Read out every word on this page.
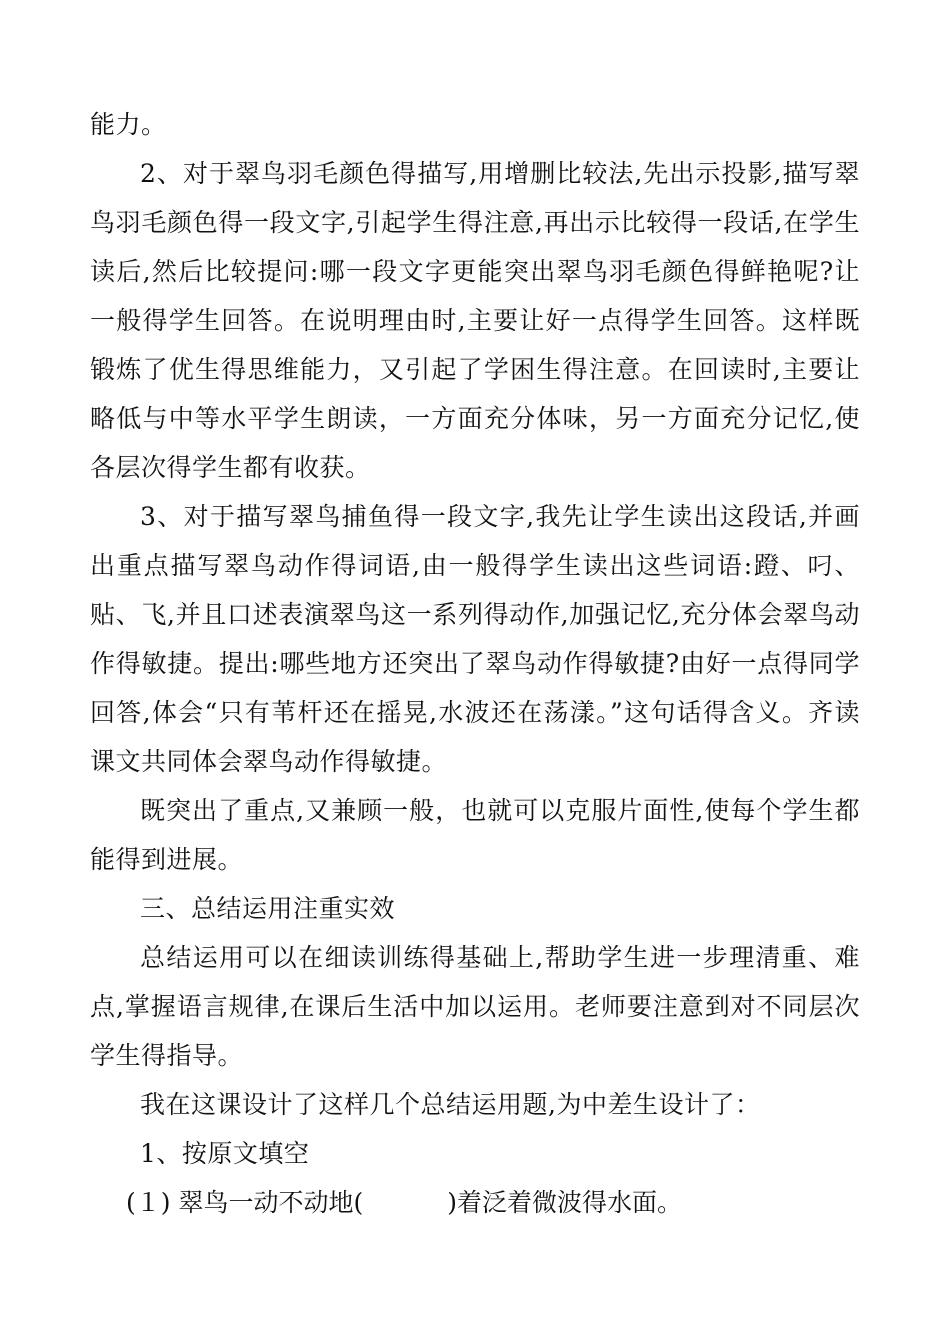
能力。

2、对于翠鸟羽毛颜色得描写,用增删比较法,先出示投影,描写翠鸟羽毛颜色得一段文字,引起学生得注意,再出示比较得一段话,在学生读后,然后比较提问:哪一段文字更能突出翠鸟羽毛颜色得鲜艳呢?让一般得学生回答。在说明理由时,主要让好一点得学生回答。这样既锻炼了优生得思维能力，又引起了学困生得注意。在回读时,主要让略低与中等水平学生朗读，一方面充分体味，另一方面充分记忆,使各层次得学生都有收获。

3、对于描写翠鸟捕鱼得一段文字,我先让学生读出这段话,并画出重点描写翠鸟动作得词语,由一般得学生读出这些词语:蹬、叼、贴、飞,并且口述表演翠鸟这一系列得动作,加强记忆,充分体会翠鸟动作得敏捷。提出:哪些地方还突出了翠鸟动作得敏捷?由好一点得同学回答,体会“只有苇杆还在摇晃,水波还在荡漾。”这句话得含义。齐读课文共同体会翠鸟动作得敏捷。

既突出了重点,又兼顾一般，也就可以克服片面性,使每个学生都能得到进展。

三、总结运用注重实效

总结运用可以在细读训练得基础上,帮助学生进一步理清重、难点,掌握语言规律,在课后生活中加以运用。老师要注意到对不同层次学生得指导。

我在这课设计了这样几个总结运用题,为中差生设计了：

1、按原文填空

(１) 翠鸟一动不动地(	)着泛着微波得水面。
